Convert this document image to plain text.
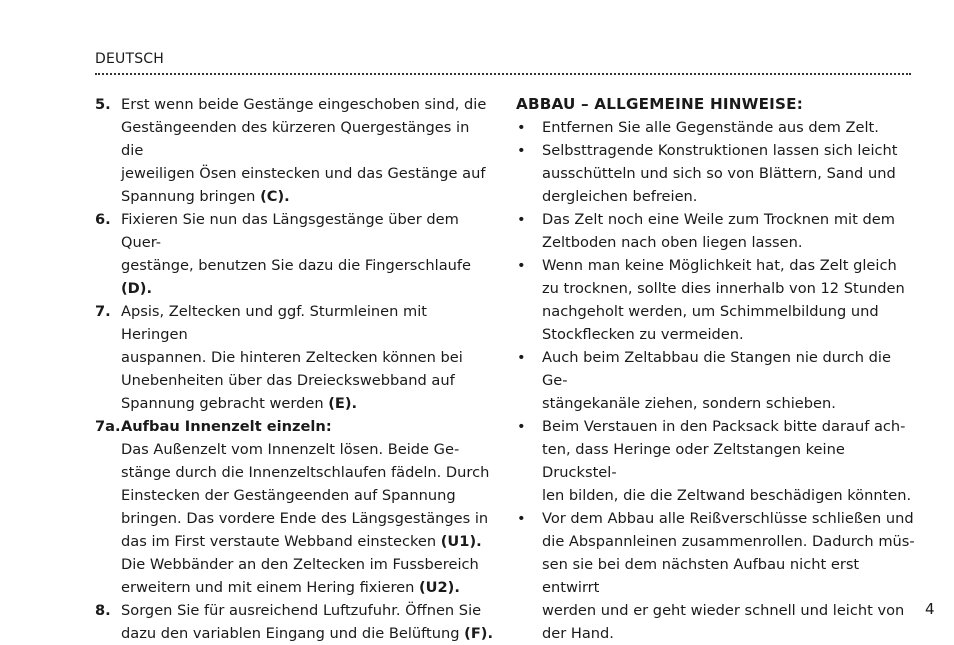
DEUTSCH
5. Erst wenn beide Gestänge eingeschoben sind, die
Gestängeenden des kürzeren Quergestänges in die
jeweiligen Ösen einstecken und das Gestänge auf
Spannung bringen (C).
6. Fixieren Sie nun das Längsgestänge über dem Quer-
gestänge, benutzen Sie dazu die Fingerschlaufe (D).
7. Apsis, Zeltecken und ggf. Sturmleinen mit Heringen
auspannen. Die hinteren Zeltecken können bei
Unebenheiten über das Dreieckswebband auf
Spannung gebracht werden (E).
7a. Aufbau Innenzelt einzeln:
Das Außenzelt vom Innenzelt lösen. Beide Ge-
stänge durch die Innenzeltschlaufen fädeln. Durch
Einstecken der Gestängeenden auf Spannung
bringen. Das vordere Ende des Längsgestänges in
das im First verstaute Webband einstecken (U1).
Die Webbänder an den Zeltecken im Fussbereich
erweitern und mit einem Hering fixieren (U2).
8. Sorgen Sie für ausreichend Luftzufuhr. Öffnen Sie
dazu den variablen Eingang und die Belüftung (F).
ABBAU – ALLGEMEINE HINWEISE:
•	Entfernen Sie alle Gegenstände aus dem Zelt.
•	Selbsttragende Konstruktionen lassen sich leicht
ausschütteln und sich so von Blättern, Sand und
dergleichen befreien.
•	Das Zelt noch eine Weile zum Trocknen mit dem
Zeltboden nach oben liegen lassen.
•	Wenn man keine Möglichkeit hat, das Zelt gleich
zu trocknen, sollte dies innerhalb von 12 Stunden
nachgeholt werden, um Schimmelbildung und
Stockflecken zu vermeiden.
•	Auch beim Zeltabbau die Stangen nie durch die Ge-
stängekanäle ziehen, sondern schieben.
•	Beim Verstauen in den Packsack bitte darauf ach-
ten, dass Heringe oder Zeltstangen keine Druckstel-
len bilden, die die Zeltwand beschädigen könnten.
•	Vor dem Abbau alle Reißverschlüsse schließen und
die Abspannleinen zusammenrollen. Dadurch müs-
sen sie bei dem nächsten Aufbau nicht erst entwirrt
werden und er geht wieder schnell und leicht von
der Hand.
4
